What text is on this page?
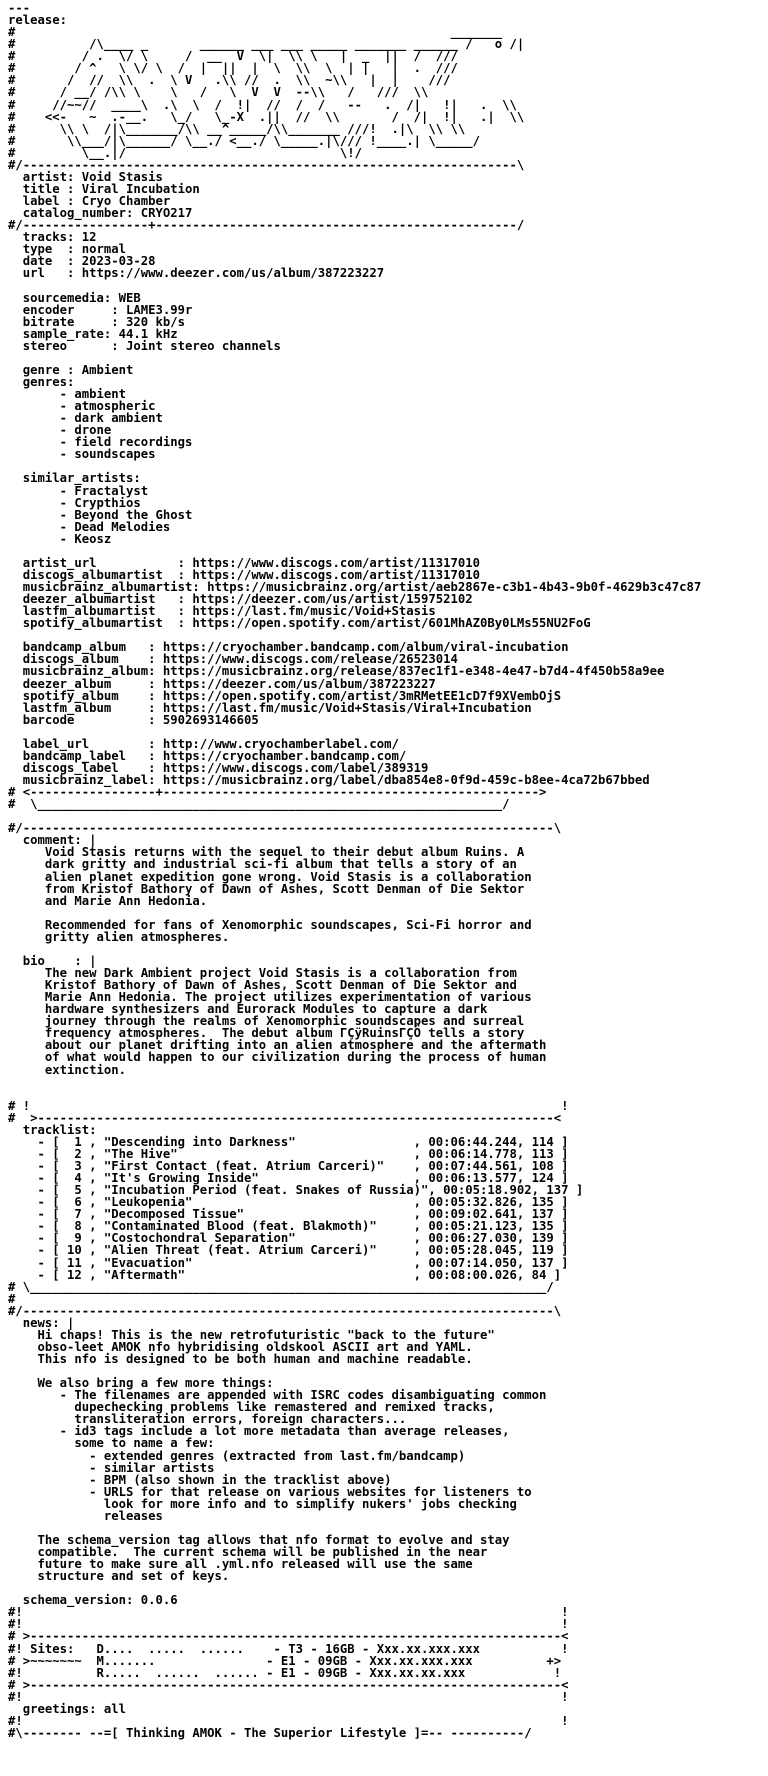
---
release:
#                                                           _______
#          /\____ _       ______ ___ ___ _____ _______ ______ /   o /|
#         / .  \/ \     /  __  V  \|  \\ \   |  _  ||  /  ///
#        / ^   \ \/ \  /  |  ||  |  \  \\  \  | |   |  .  ///
#       /  //  \\  .  \ V   .\\ //  .  \\  ~\\   |  |    ///
#      / __/ /\\ \    \   /   \  V  V  --\\   /   ///  \\
#     //~~//  ____\  .\  \  /  !|  //  /  /   --   .  /|   !|   .  \\
#    <<-   ~  .-__.   \_/   \_-X  .||  //  \\       /  /|  !|   .|  \\
#      \\ \  /|\_______/\\ __^_____/\\_______ ///!  .|\  \\ \\
#       \\___/|\______/ \__./ <__./ \_____.|\/// !____.| \_____/
#         \__.|/                             \!/
#/-------------------------------------------------------------------\
artist: Void Stasis
title : Viral Incubation
label : Cryo Chamber
catalog_number: CRYO217
#/-----------------+-------------------------------------------------/
tracks: 12
type  : normal
date  : 2023-03-28
url   : https://www.deezer.com/us/album/387223227

sourcemedia: WEB
encoder     : LAME3.99r
bitrate     : 320 kb/s
sample_rate: 44.1 kHz
stereo      : Joint stereo channels

genre : Ambient
genres:
- ambient
- atmospheric
- dark ambient
- drone
- field recordings
- soundscapes

similar_artists:
- Fractalyst
- Crypthios
- Beyond the Ghost
- Dead Melodies
- Keosz

artist_url           : https://www.discogs.com/artist/11317010
discogs_albumartist  : https://www.discogs.com/artist/11317010
musicbrainz_albumartist: https://musicbrainz.org/artist/aeb2867e-c3b1-4b43-9b0f-4629b3c47c87
deezer_albumartist   : https://deezer.com/us/artist/159752102
lastfm_albumartist   : https://last.fm/music/Void+Stasis
spotify_albumartist  : https://open.spotify.com/artist/601MhAZ0By0LMs55NU2FoG

bandcamp_album   : https://cryochamber.bandcamp.com/album/viral-incubation
discogs_album    : https://www.discogs.com/release/26523014
musicbrainz_album: https://musicbrainz.org/release/837ec1f1-e348-4e47-b7d4-4f450b58a9ee
deezer_album     : https://deezer.com/us/album/387223227
spotify_album    : https://open.spotify.com/artist/3mRMetEE1cD7f9XVembOjS
lastfm_album     : https://last.fm/music/Void+Stasis/Viral+Incubation
barcode          : 5902693146605

label_url        : http://www.cryochamberlabel.com/
bandcamp_label   : https://cryochamber.bandcamp.com/
discogs_label    : https://www.discogs.com/label/389319
musicbrainz_label: https://musicbrainz.org/label/dba854e8-0f9d-459c-b8ee-4ca72b67bbed
# <-----------------+--------------------------------------------------->
#  \_______________________________________________________________/

#/------------------------------------------------------------------------\
comment: |
Void Stasis returns with the sequel to their debut album Ruins. A
dark gritty and industrial sci-fi album that tells a story of an
alien planet expedition gone wrong. Void Stasis is a collaboration
from Kristof Bathory of Dawn of Ashes, Scott Denman of Die Sektor
and Marie Ann Hedonia.

Recommended for fans of Xenomorphic soundscapes, Sci-Fi horror and
gritty alien atmospheres.

bio    : |
The new Dark Ambient project Void Stasis is a collaboration from
Kristof Bathory of Dawn of Ashes, Scott Denman of Die Sektor and
Marie Ann Hedonia. The project utilizes experimentation of various
hardware synthesizers and Eurorack Modules to capture a dark
journey through the realms of Xenomorphic soundscapes and surreal
frequency atmospheres.  The debut album ΓÇÿRuinsΓÇÖ tells a story
about our planet drifting into an alien atmosphere and the aftermath
of what would happen to our civilization during the process of human
extinction.

# !                                                                        !
#  >----------------------------------------------------------------------<
tracklist:
- [  1 , "Descending into Darkness"                , 00:06:44.244, 114 ]
- [  2 , "The Hive"                                , 00:06:14.778, 113 ]
- [  3 , "First Contact (feat. Atrium Carceri)"    , 00:07:44.561, 108 ]
- [  4 , "It's Growing Inside"                     , 00:06:13.577, 124 ]
- [  5 , "Incubation Period (feat. Snakes of Russia)", 00:05:18.902, 137 ]
- [  6 , "Leukopenia"                              , 00:05:32.826, 135 ]
- [  7 , "Decomposed Tissue"                       , 00:09:02.641, 137 ]
- [  8 , "Contaminated Blood (feat. Blakmoth)"     , 00:05:21.123, 135 ]
- [  9 , "Costochondral Separation"                , 00:06:27.030, 139 ]
- [ 10 , "Alien Threat (feat. Atrium Carceri)"     , 00:05:28.045, 119 ]
- [ 11 , "Evacuation"                              , 00:07:14.050, 137 ]
- [ 12 , "Aftermath"                               , 00:08:00.026, 84 ]
# \______________________________________________________________________/
#
#/------------------------------------------------------------------------\
news: |
Hi chaps! This is the new retrofuturistic "back to the future"
obso-leet AMOK nfo hybridising oldskool ASCII art and YAML.
This nfo is designed to be both human and machine readable.

We also bring a few more things:
- The filenames are appended with ISRC codes disambiguating common
dupechecking problems like remastered and remixed tracks,
transliteration errors, foreign characters...
- id3 tags include a lot more metadata than average releases,
some to name a few:
- extended genres (extracted from last.fm/bandcamp)
- similar artists
- BPM (also shown in the tracklist above)
- URLS for that release on various websites for listeners to
look for more info and to simplify nukers' jobs checking
releases

The schema_version tag allows that nfo format to evolve and stay
compatible.  The current schema will be published in the near
future to make sure all .yml.nfo released will use the same
structure and set of keys.

schema_version: 0.0.6
#!                                                                         !
#!                                                                         !
# >------------------------------------------------------------------------<
#! Sites:   D....  .....  ......    - T3 - 16GB - Xxx.xx.xxx.xxx           !
# >~~~~~~~  M.......               - E1 - 09GB - Xxx.xx.xxx.xxx          +>
#!          R.....  ......  ...... - E1 - 09GB - Xxx.xx.xx.xxx            !
# >------------------------------------------------------------------------<
#!                                                                         !
greetings: all
#!                                                                         !
#\-------- --=[ Thinking AMOK - The Superior Lifestyle ]=-- ----------/
